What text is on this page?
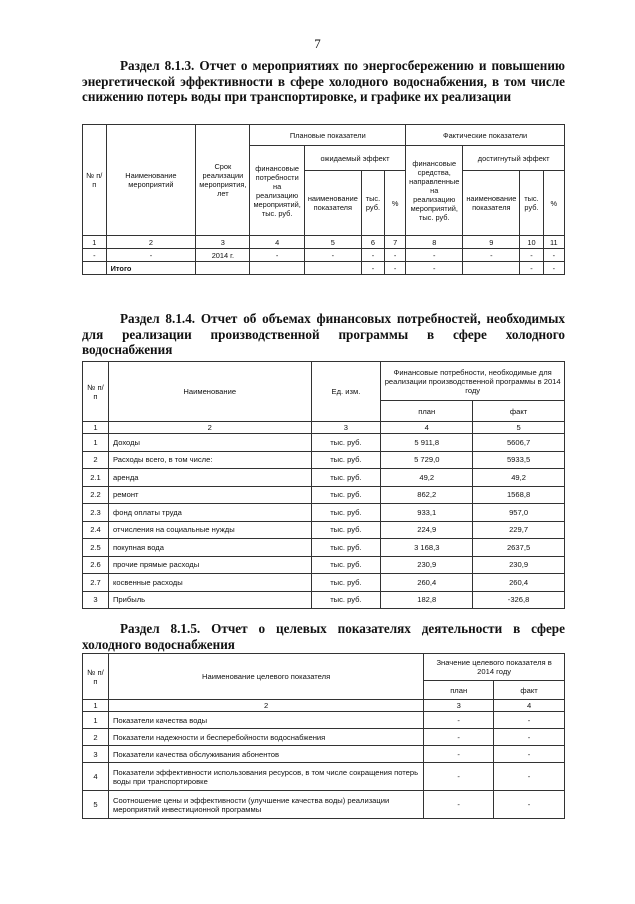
7
Раздел 8.1.3. Отчет о мероприятиях по энергосбережению и повышению энергетической эффективности в сфере холодного водоснабжения, в том числе снижению потерь воды при транспортировке, и графике их реализации
№ п/п	Наименование мероприятий	Срок реализации мероприятия, лет	Плановые показатели				Фактические показатели			
			финансовые потребности на реализацию мероприятий, тыс. руб.	ожидаемый эффект			финансовые средства, направленные на реализацию мероприятий, тыс. руб.	достигнутый эффект		
				наименование показателя	тыс. руб.	%		наименование показателя	тыс. руб.	%
1	2	3	4	5	6	7	8	9	10	11
-	-	2014 г.	-	-	-	-	-	-	-	-
	Итого				-	-	-		-	-
Раздел 8.1.4. Отчет об объемах финансовых потребностей, необходимых для реализации производственной программы в сфере холодного водоснабжения
№ п/п	Наименование	Ед. изм.	Финансовые потребности, необходимые для реализации производственной программы в 2014 году	
			план	факт
1	2	3	4	5
1	Доходы	тыс. руб.	5 911,8	5606,7
2	Расходы всего, в том числе:	тыс. руб.	5 729,0	5933,5
2.1	аренда	тыс. руб.	49,2	49,2
2.2	ремонт	тыс. руб.	862,2	1568,8
2.3	фонд оплаты труда	тыс. руб.	933,1	957,0
2.4	отчисления на социальные нужды	тыс. руб.	224,9	229,7
2.5	покупная вода	тыс. руб.	3 168,3	2637,5
2.6	прочие прямые расходы	тыс. руб.	230,9	230,9
2.7	косвенные расходы	тыс. руб.	260,4	260,4
3	Прибыль	тыс. руб.	182,8	-326,8
Раздел 8.1.5. Отчет о целевых показателях деятельности в сфере холодного водоснабжения
№ п/п	Наименование целевого показателя	Значение целевого показателя в 2014 году	
		план	факт
1	2	3	4
1	Показатели качества воды	-	-
2	Показатели надежности и бесперебойности водоснабжения	-	-
3	Показатели качества обслуживания абонентов	-	-
4	Показатели эффективности использования ресурсов, в том числе сокращения потерь воды при транспортировке	-	-
5	Соотношение цены и эффективности (улучшение качества воды) реализации мероприятий инвестиционной программы	-	-
